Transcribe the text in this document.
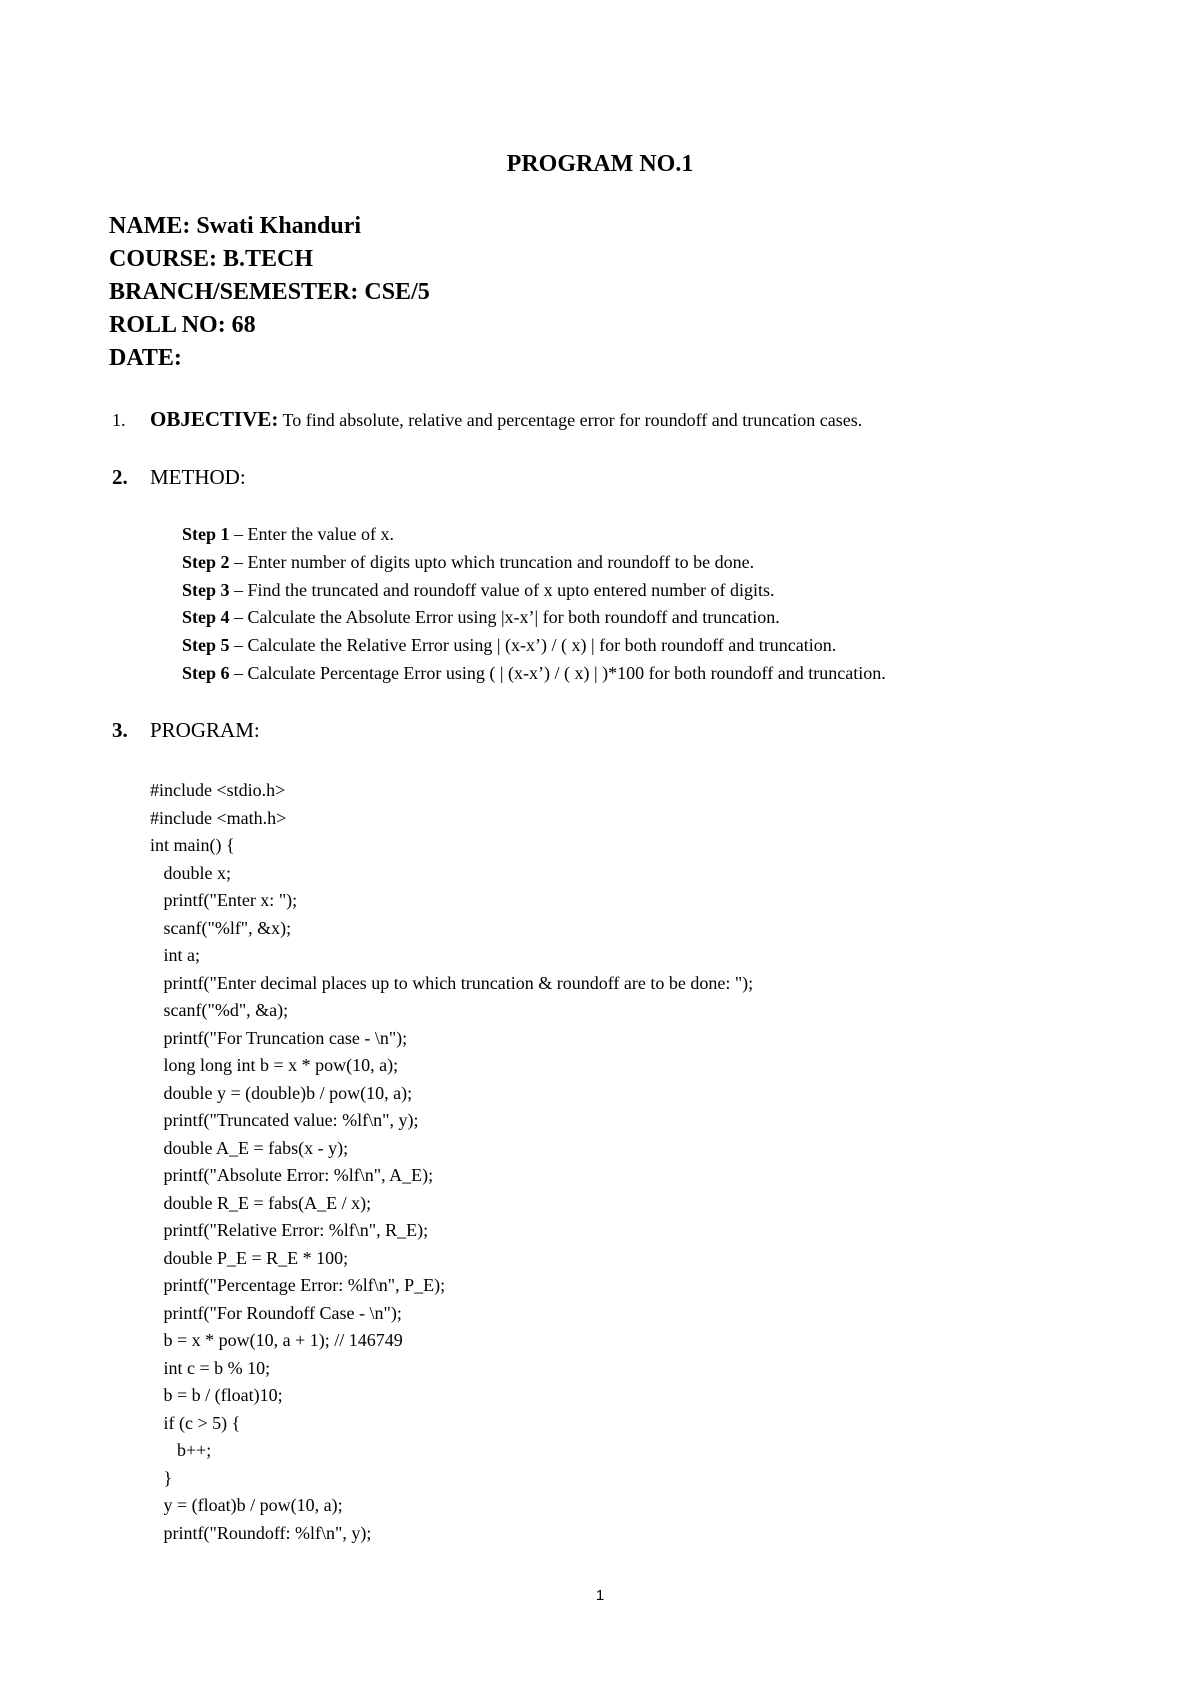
PROGRAM NO.1
NAME: Swati Khanduri
COURSE: B.TECH
BRANCH/SEMESTER: CSE/5
ROLL NO: 68
DATE:
1. OBJECTIVE: To find absolute, relative and percentage error for roundoff and truncation cases.
2. METHOD:
Step 1 – Enter the value of x.
Step 2 – Enter number of digits upto which truncation and roundoff to be done.
Step 3 – Find the truncated and roundoff value of x upto entered number of digits.
Step 4 – Calculate the Absolute Error using |x-x’| for both roundoff and truncation.
Step 5 – Calculate the Relative Error using | (x-x’) / ( x) | for both roundoff and truncation.
Step 6 – Calculate Percentage Error using ( | (x-x’) / ( x) | )*100 for both roundoff and truncation.
3. PROGRAM:
#include <stdio.h>
#include <math.h>
int main() {
double x;
printf("Enter x: ");
scanf("%lf", &x);
int a;
printf("Enter decimal places up to which truncation & roundoff are to be done: ");
scanf("%d", &a);
printf("For Truncation case - \n");
long long int b = x * pow(10, a);
double y = (double)b / pow(10, a);
printf("Truncated value: %lf\n", y);
double A_E = fabs(x - y);
printf("Absolute Error: %lf\n", A_E);
double R_E = fabs(A_E / x);
printf("Relative Error: %lf\n", R_E);
double P_E = R_E * 100;
printf("Percentage Error: %lf\n", P_E);
printf("For Roundoff Case - \n");
b = x * pow(10, a + 1); // 146749
int c = b % 10;
b = b / (float)10;
if (c > 5) {
b++;
}
y = (float)b / pow(10, a);
printf("Roundoff: %lf\n", y);
1
